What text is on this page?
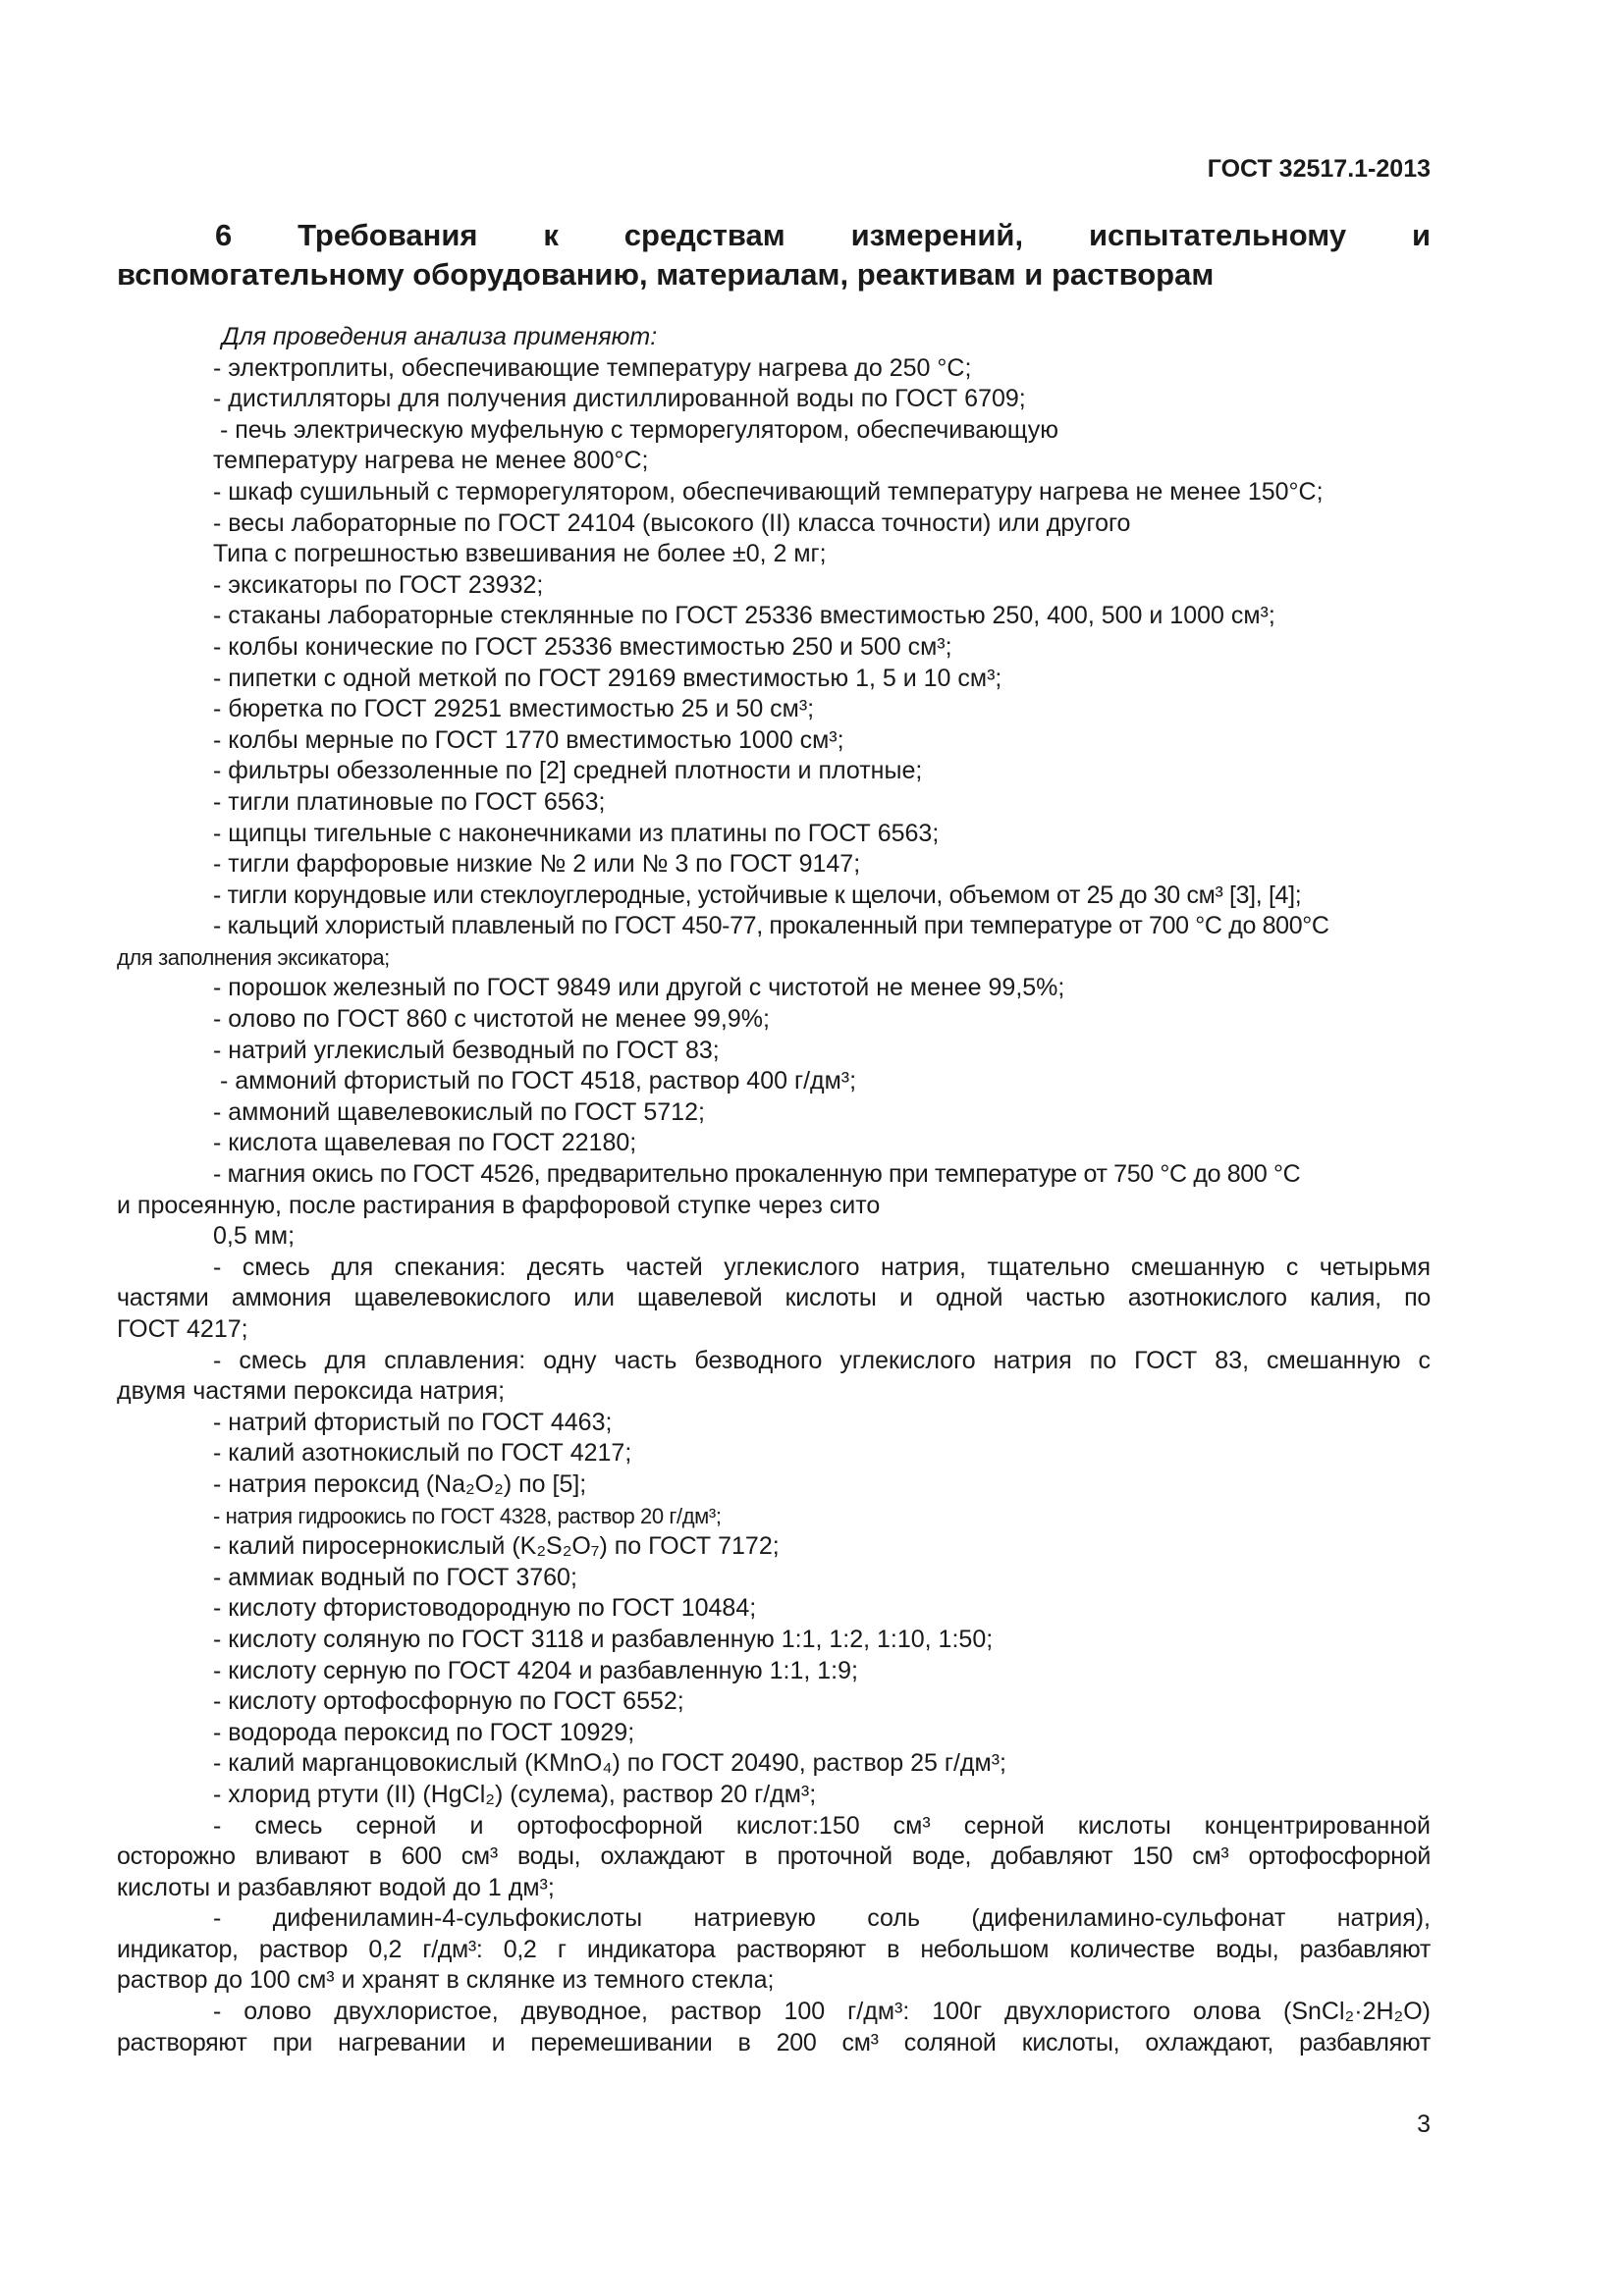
ГОСТ 32517.1-2013
6 Требования к средствам измерений, испытательному и
вспомогательному оборудованию, материалам, реактивам и растворам
Для проведения анализа применяют:
- электроплиты, обеспечивающие температуру нагрева до 250 °С;
- дистилляторы для получения дистиллированной воды по ГОСТ 6709;
- печь электрическую муфельную с терморегулятором, обеспечивающую
температуру нагрева не менее 800°С;
- шкаф сушильный с терморегулятором, обеспечивающий температуру нагрева не менее 150°С;
- весы лабораторные по ГОСТ 24104 (высокого (II) класса точности) или другого
Типа с погрешностью взвешивания не более ±0, 2 мг;
- эксикаторы по ГОСТ 23932;
- стаканы лабораторные стеклянные по ГОСТ 25336 вместимостью 250, 400, 500 и 1000 см³;
- колбы конические по ГОСТ 25336 вместимостью 250 и 500 см³;
- пипетки с одной меткой по ГОСТ 29169 вместимостью 1, 5 и 10 см³;
- бюретка по ГОСТ 29251 вместимостью 25 и 50 см³;
- колбы мерные по ГОСТ 1770 вместимостью 1000 см³;
- фильтры обеззоленные по [2] средней плотности и плотные;
- тигли платиновые по ГОСТ 6563;
- щипцы тигельные с наконечниками из платины по ГОСТ 6563;
- тигли фарфоровые низкие № 2 или № 3 по ГОСТ 9147;
- тигли корундовые или стеклоуглеродные, устойчивые к щелочи, объемом от 25 до 30 см³ [3], [4];
- кальций хлористый плавленый по ГОСТ 450-77, прокаленный при температуре от 700 °С до 800°С
для заполнения эксикатора;
- порошок железный по ГОСТ 9849 или другой с чистотой не менее 99,5%;
- олово по ГОСТ 860 с чистотой не менее 99,9%;
- натрий углекислый безводный по ГОСТ 83;
- аммоний фтористый по ГОСТ 4518, раствор 400 г/дм³;
- аммоний щавелевокислый по ГОСТ 5712;
- кислота щавелевая по ГОСТ 22180;
- магния окись по ГОСТ 4526, предварительно прокаленную при температуре от 750 °С до 800 °С
и просеянную, после растирания в фарфоровой ступке через сито
0,5 мм;
- смесь для спекания: десять частей углекислого натрия, тщательно смешанную с четырьмя
частями аммония щавелевокислого или щавелевой кислоты и одной частью азотнокислого калия, по
ГОСТ 4217;
- смесь для сплавления: одну часть безводного углекислого натрия по ГОСТ 83, смешанную с
двумя частями пероксида натрия;
- натрий фтористый по ГОСТ 4463;
- калий азотнокислый по ГОСТ 4217;
- натрия пероксид (Na₂O₂) по [5];
- натрия гидроокись по ГОСТ 4328, раствор 20 г/дм³;
- калий пиросернокислый (K₂S₂O₇) по ГОСТ 7172;
- аммиак водный по ГОСТ 3760;
- кислоту фтористоводородную по ГОСТ 10484;
- кислоту соляную по ГОСТ 3118 и разбавленную 1:1, 1:2, 1:10, 1:50;
- кислоту серную по ГОСТ 4204 и разбавленную 1:1, 1:9;
- кислоту ортофосфорную по ГОСТ 6552;
- водорода пероксид по ГОСТ 10929;
- калий марганцовокислый (KMnO₄) по ГОСТ 20490, раствор 25 г/дм³;
- хлорид ртути (II) (HgCl₂) (сулема), раствор 20 г/дм³;
- смесь серной и ортофосфорной кислот:150 см³ серной кислоты концентрированной
осторожно вливают в 600 см³ воды, охлаждают в проточной воде, добавляют 150 см³ ортофосфорной
кислоты и разбавляют водой до 1 дм³;
- дифениламин-4-сульфокислоты натриевую соль (дифениламино-сульфонат натрия),
индикатор, раствор 0,2 г/дм³: 0,2 г индикатора растворяют в небольшом количестве воды, разбавляют
раствор до 100 см³ и хранят в склянке из темного стекла;
- олово двухлористое, двуводное, раствор 100 г/дм³: 100г двухлористого олова (SnCl₂·2H₂O)
растворяют при нагревании и перемешивании в 200 см³ соляной кислоты, охлаждают, разбавляют
3
